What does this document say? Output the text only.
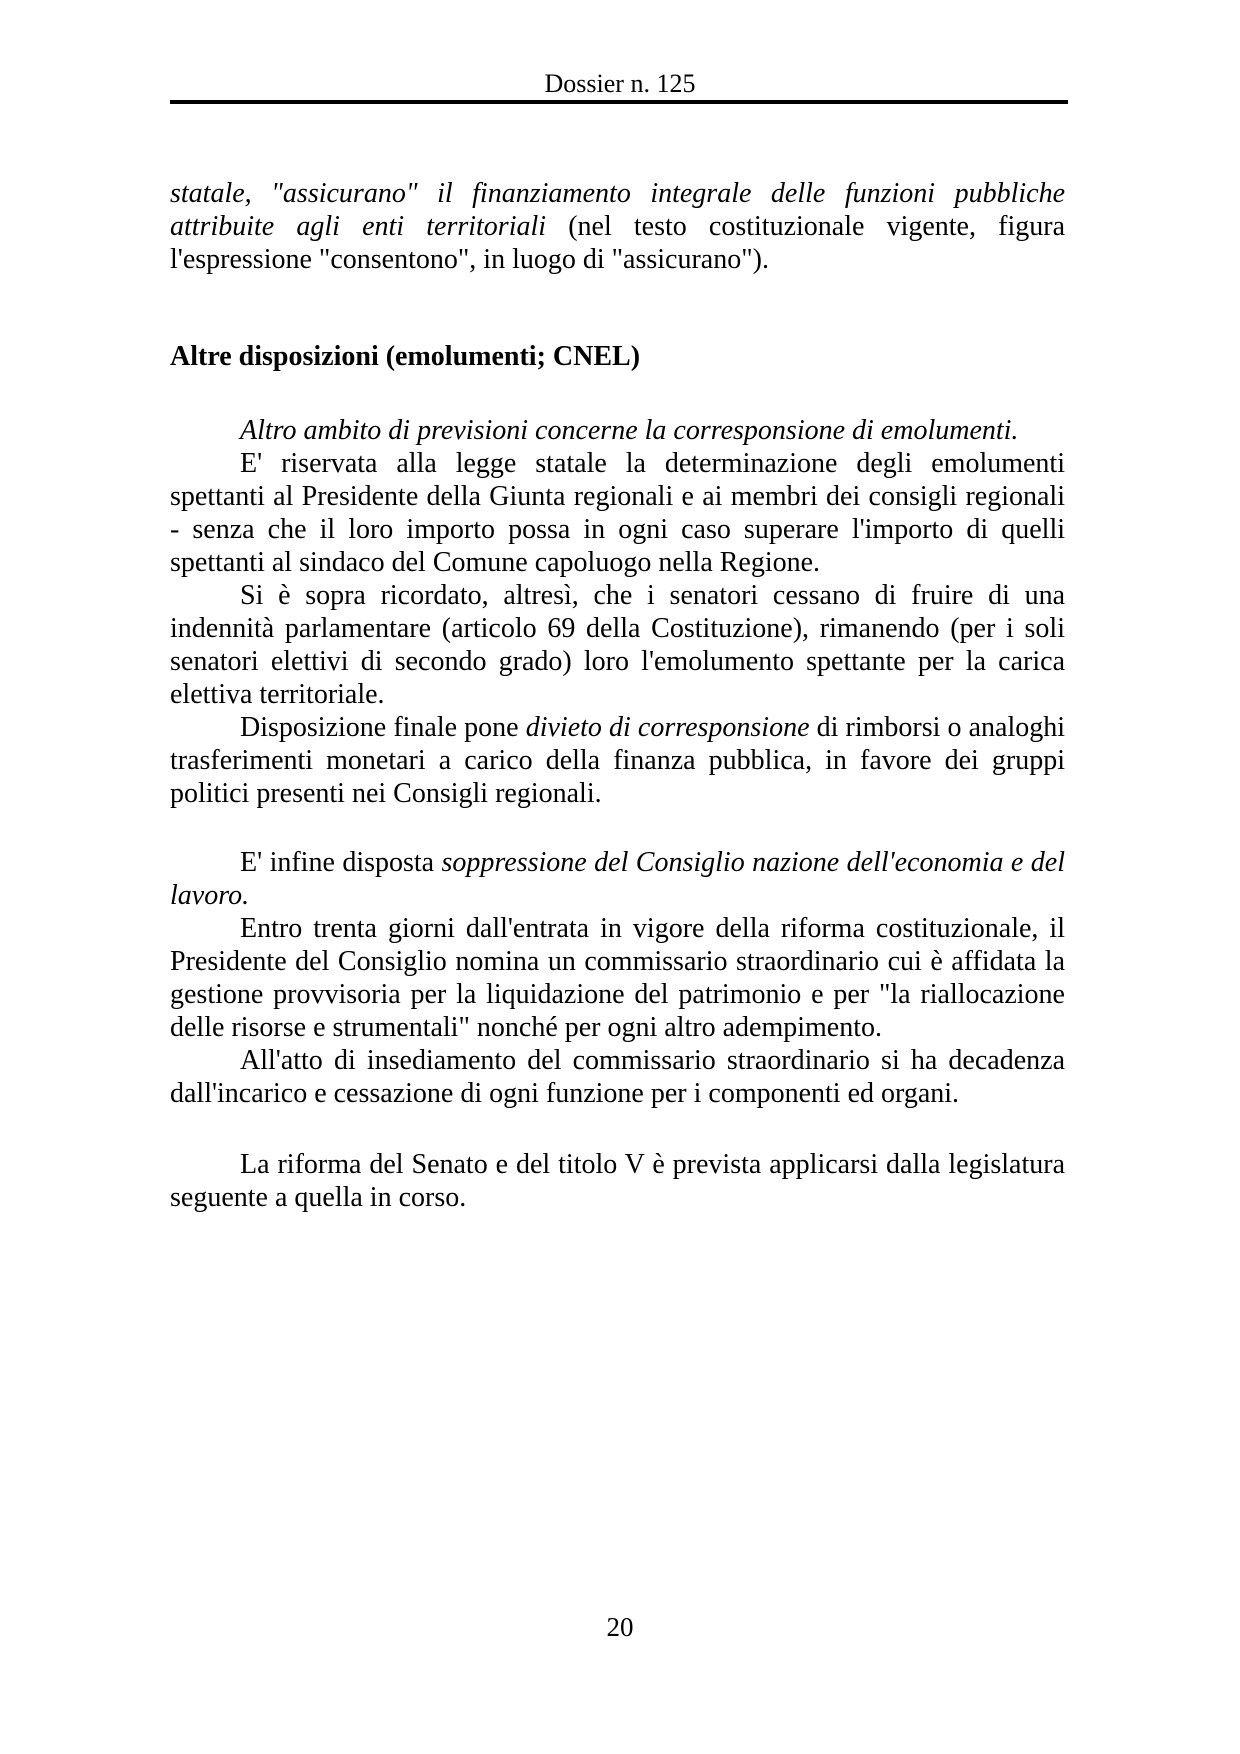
Dossier n. 125

statale, "assicurano" il finanziamento integrale delle funzioni pubbliche attribuite agli enti territoriali (nel testo costituzionale vigente, figura l'espressione "consentono", in luogo di "assicurano").

Altre disposizioni (emolumenti; CNEL)

Altro ambito di previsioni concerne la corresponsione di emolumenti.

E' riservata alla legge statale la determinazione degli emolumenti spettanti al Presidente della Giunta regionali e ai membri dei consigli regionali - senza che il loro importo possa in ogni caso superare l'importo di quelli spettanti al sindaco del Comune capoluogo nella Regione.

Si è sopra ricordato, altresì, che i senatori cessano di fruire di una indennità parlamentare (articolo 69 della Costituzione), rimanendo (per i soli senatori elettivi di secondo grado) loro l'emolumento spettante per la carica elettiva territoriale.

Disposizione finale pone divieto di corresponsione di rimborsi o analoghi trasferimenti monetari a carico della finanza pubblica, in favore dei gruppi politici presenti nei Consigli regionali.

E' infine disposta soppressione del Consiglio nazione dell'economia e del lavoro.

Entro trenta giorni dall'entrata in vigore della riforma costituzionale, il Presidente del Consiglio nomina un commissario straordinario cui è affidata la gestione provvisoria per la liquidazione del patrimonio e per "la riallocazione delle risorse e strumentali" nonché per ogni altro adempimento.

All'atto di insediamento del commissario straordinario si ha decadenza dall'incarico e cessazione di ogni funzione per i componenti ed organi.

La riforma del Senato e del titolo V è prevista applicarsi dalla legislatura seguente a quella in corso.

20
